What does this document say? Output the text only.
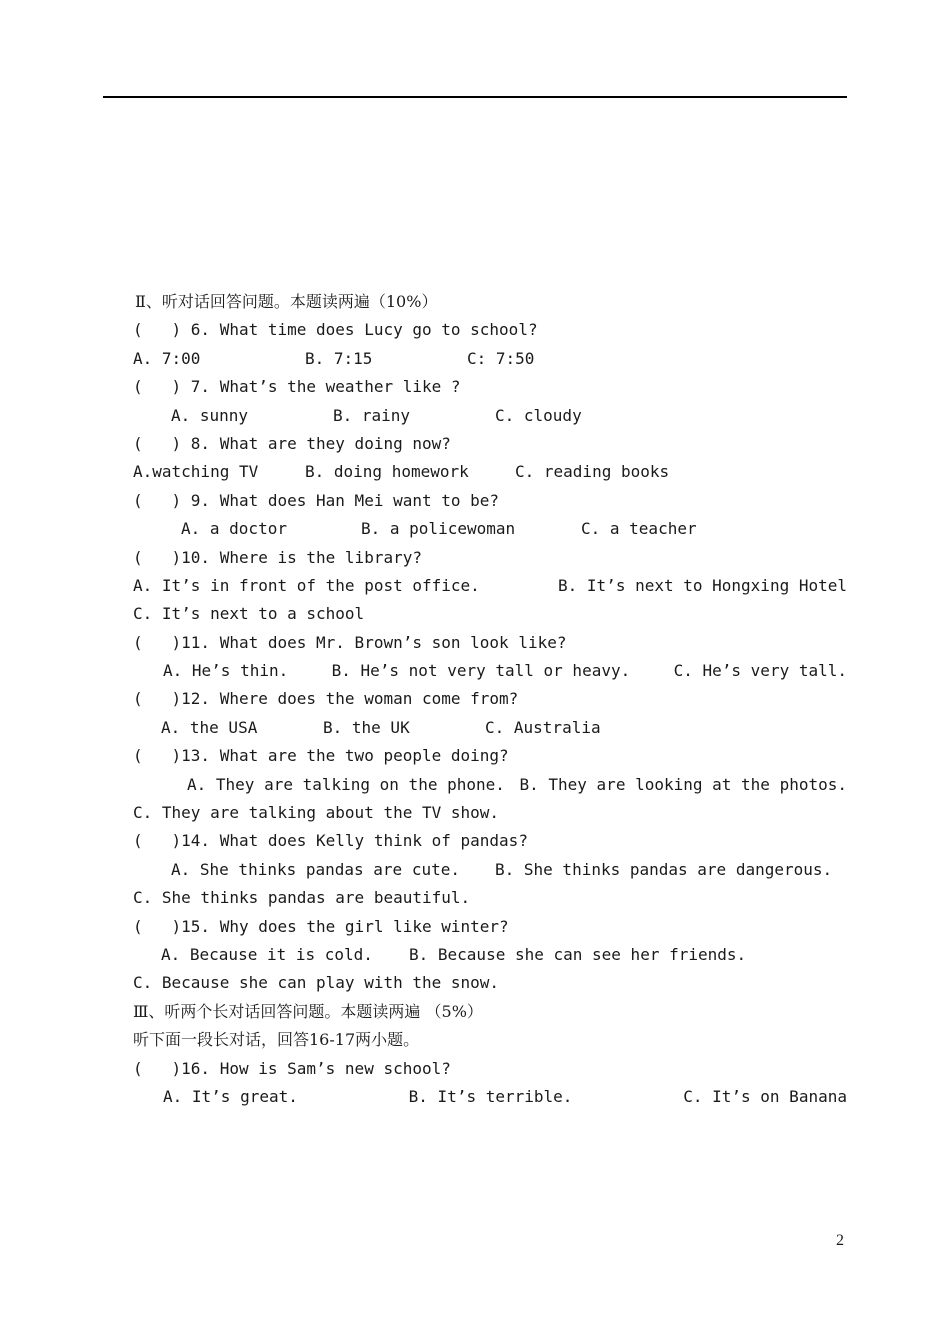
Ⅱ、听对话回答问题。本题读两遍（10%）
(   ) 6. What time does Lucy go to school?
A. 7:00	B. 7:15	C: 7:50
(   ) 7. What’s the weather like ?
A. sunny	B. rainy	C. cloudy
(   ) 8. What are they doing now?
A.watching TV	B. doing homework	C. reading books
(   ) 9. What does Han Mei want to be?
A. a doctor	B. a policewoman	C. a teacher
(   )10. Where is the library?
A. It’s in front of the post office.	B. It’s next to Hongxing Hotel
C. It’s next to a school
(   )11. What does Mr. Brown’s son look like?
A. He’s thin.	B. He’s not very tall or heavy.	C. He’s very tall.
(   )12. Where does the woman come from?
A. the USA	B. the UK	C. Australia
(   )13. What are the two people doing?
A. They are talking on the phone. B. They are looking at the photos.
C. They are talking about the TV show.
(   )14. What does Kelly think of pandas?
A. She thinks pandas are cute. B. She thinks pandas are dangerous.
C. She thinks pandas are beautiful.
(   )15. Why does the girl like winter?
A. Because it is cold. B. Because she can see her friends.
C. Because she can play with the snow.
Ⅲ、听两个长对话回答问题。本题读两遍 （5%）
听下面一段长对话，回答16-17两小题。
(   )16. How is Sam’s new school?
A. It’s great.	B. It’s terrible.	C. It’s on Banana
2
